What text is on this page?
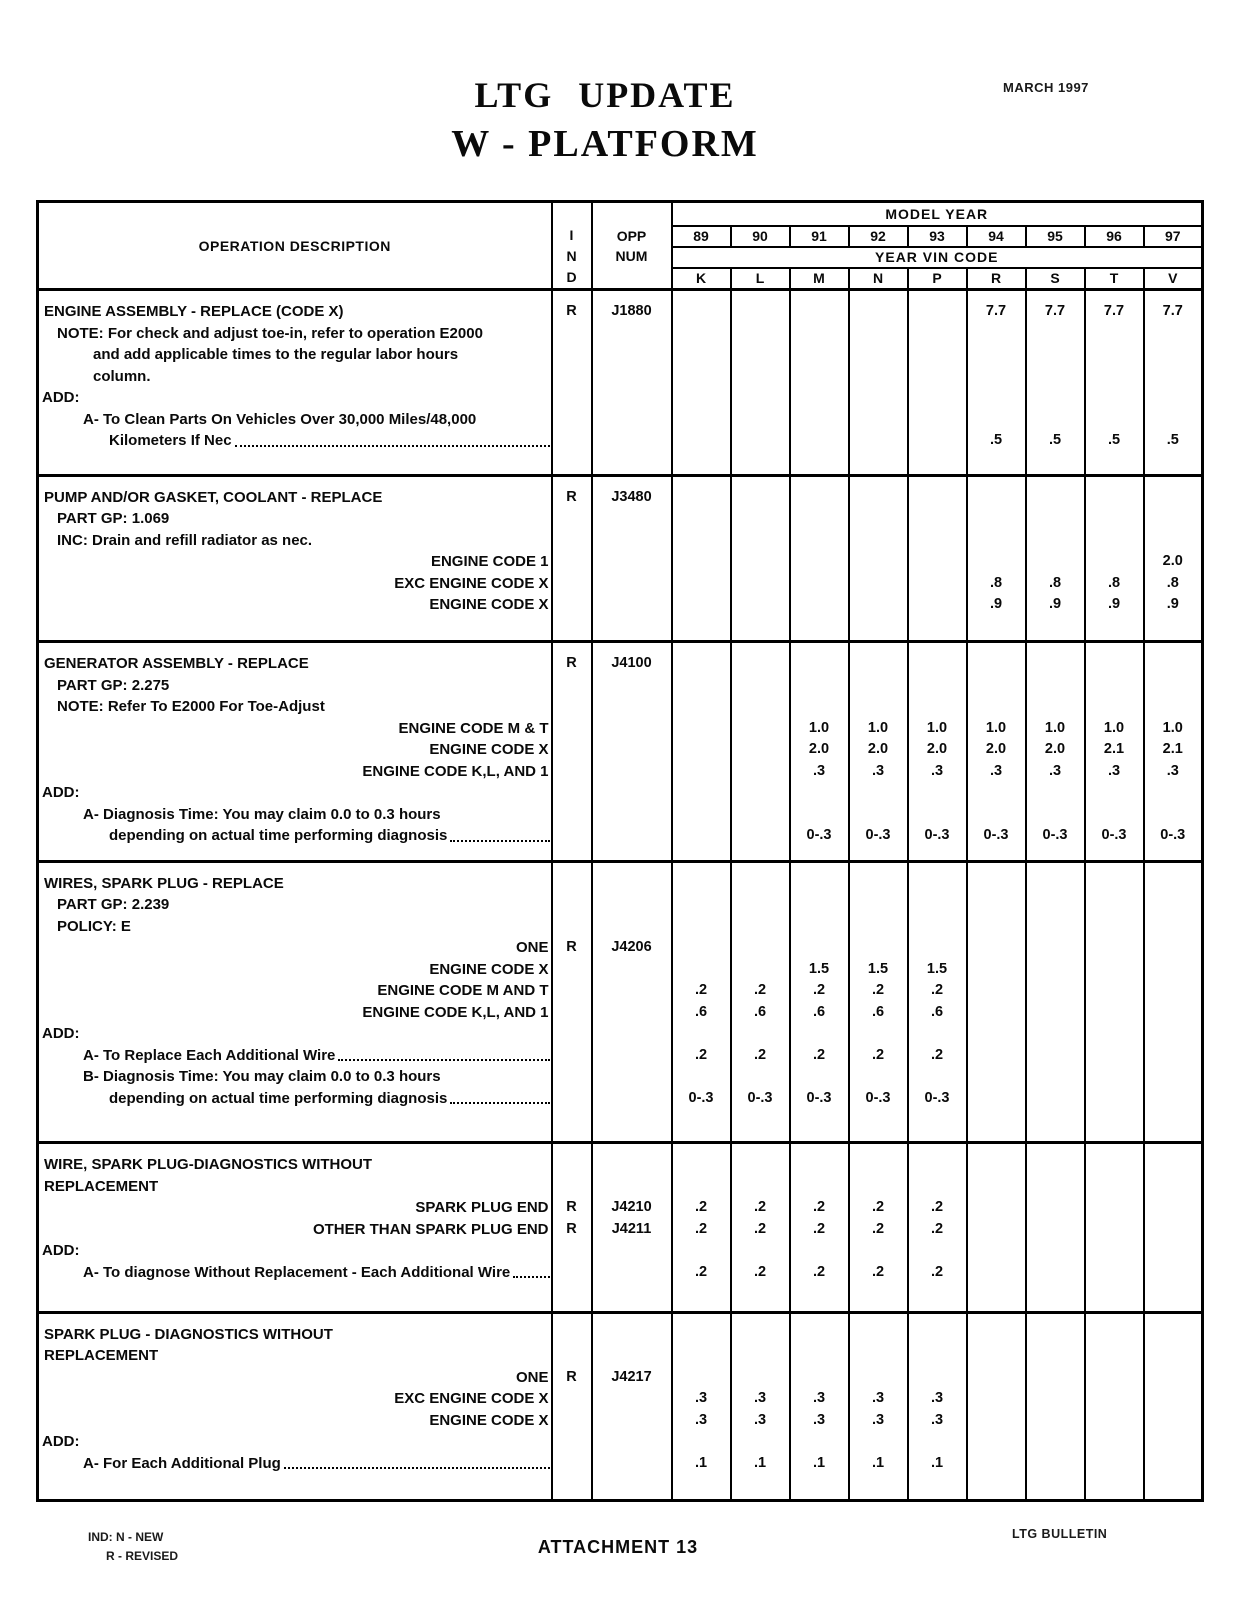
MARCH 1997
LTG UPDATE
W - PLATFORM
OPERATION DESCRIPTION

I
N
D

OPP
NUM
	MODEL YEAR
			89	90	91	92	93	94	95	96	97
			YEAR VIN CODE								
			K	L	M	N	P	R	S	T	V

ENGINE ASSEMBLY - REPLACE (CODE X)	R	J1880						7.7	7.7	7.7	7.7

NOTE: For check and adjust toe-in, refer to operation E2000											

and add applicable times to the regular labor hours											

column.											

ADD:											

A- To Clean Parts On Vehicles Over 30,000 Miles/48,000											

Kilometers If Nec								.5	.5	.5	.5

PUMP AND/OR GASKET, COOLANT - REPLACE	R	J3480									

PART GP: 1.069											

INC: Drain and refill radiator as nec.											

ENGINE CODE 1											2.0

EXC ENGINE CODE X								.8	.8	.8	.8

ENGINE CODE X								.9	.9	.9	.9

GENERATOR ASSEMBLY - REPLACE	R	J4100									

PART GP: 2.275											

NOTE: Refer To E2000 For Toe-Adjust											

ENGINE CODE M & T					1.0	1.0	1.0	1.0	1.0	1.0	1.0

ENGINE CODE X					2.0	2.0	2.0	2.0	2.0	2.1	2.1

ENGINE CODE K,L, AND 1					.3	.3	.3	.3	.3	.3	.3

ADD:											

A- Diagnosis Time: You may claim 0.0 to 0.3 hours											

depending on actual time performing diagnosis					0-.3	0-.3	0-.3	0-.3	0-.3	0-.3	0-.3

WIRES, SPARK PLUG - REPLACE											

PART GP: 2.239											

POLICY: E											

ONE	R	J4206									

ENGINE CODE X					1.5	1.5	1.5				

ENGINE CODE M AND T			.2	.2	.2	.2	.2				

ENGINE CODE K,L, AND 1			.6	.6	.6	.6	.6				

ADD:											

A- To Replace Each Additional Wire			.2	.2	.2	.2	.2				

B- Diagnosis Time: You may claim 0.0 to 0.3 hours											

depending on actual time performing diagnosis			0-.3	0-.3	0-.3	0-.3	0-.3				

WIRE, SPARK PLUG-DIAGNOSTICS WITHOUT											

REPLACEMENT											

SPARK PLUG END	R	J4210	.2	.2	.2	.2	.2				

OTHER THAN SPARK PLUG END	R	J4211	.2	.2	.2	.2	.2				

ADD:											

A- To diagnose Without Replacement - Each Additional Wire			.2	.2	.2	.2	.2				

SPARK PLUG - DIAGNOSTICS WITHOUT											

REPLACEMENT											

ONE	R	J4217									

EXC ENGINE CODE X			.3	.3	.3	.3	.3				

ENGINE CODE X			.3	.3	.3	.3	.3				

ADD:											

A- For Each Additional Plug			.1	.1	.1	.1	.1				

IND: N - NEW
R - REVISED	ATTACHMENT 13
LTG BULLETIN
